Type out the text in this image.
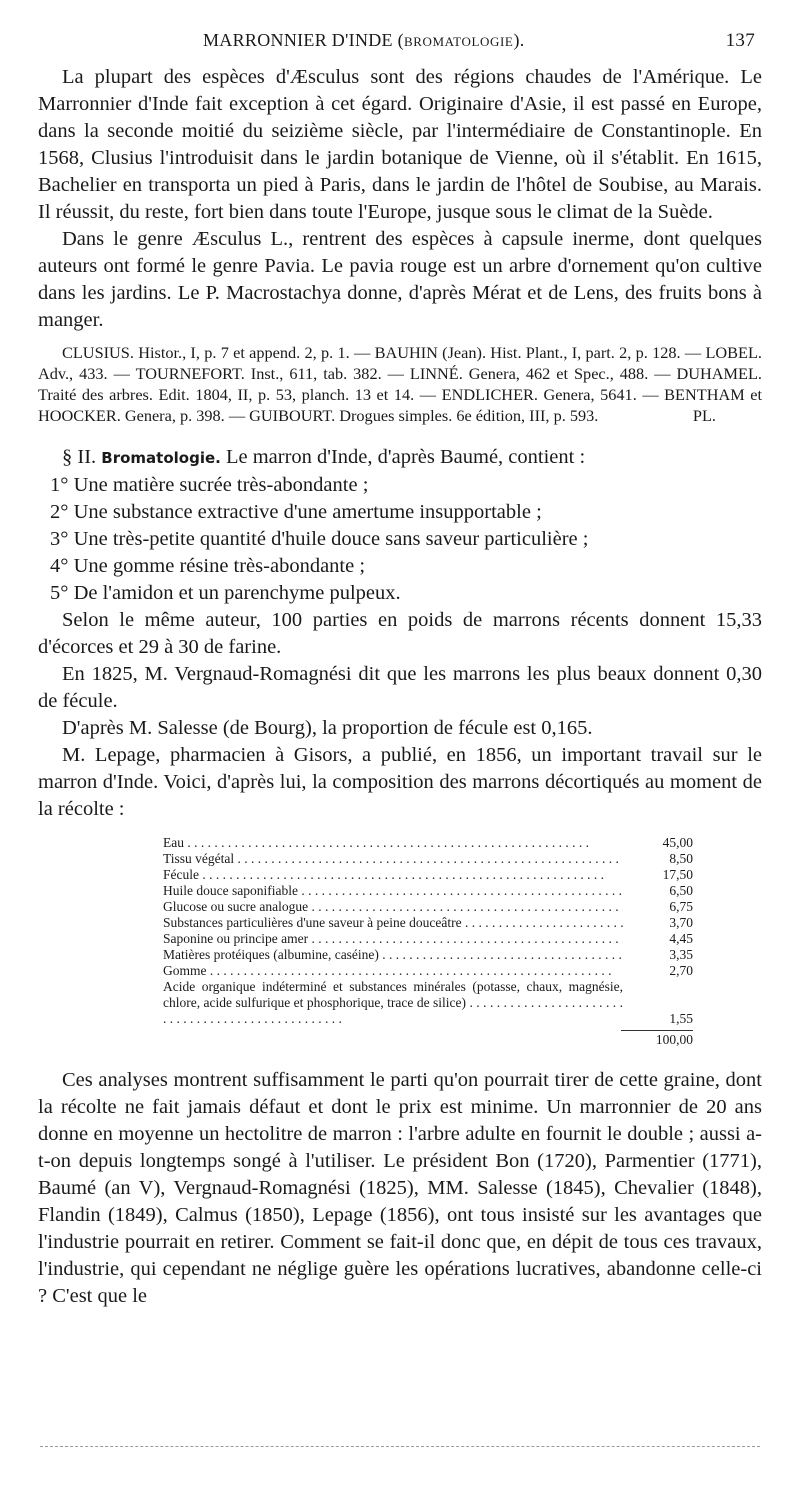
MARRONNIER D'INDE (BROMATOLOGIE).	137

La plupart des espèces d'Æsculus sont des régions chaudes de l'Amérique. Le Marronnier d'Inde fait exception à cet égard. Originaire d'Asie, il est passé en Europe, dans la seconde moitié du seizième siècle, par l'intermédiaire de Constantinople. En 1568, Clusius l'introduisit dans le jardin botanique de Vienne, où il s'établit. En 1615, Bachelier en transporta un pied à Paris, dans le jardin de l'hôtel de Soubise, au Marais. Il réussit, du reste, fort bien dans toute l'Europe, jusque sous le climat de la Suède.

Dans le genre Æsculus L., rentrent des espèces à capsule inerme, dont quelques auteurs ont formé le genre Pavia. Le pavia rouge est un arbre d'ornement qu'on cultive dans les jardins. Le P. Macrostachya donne, d'après Mérat et de Lens, des fruits bons à manger.

CLUSIUS. Histor., I, p. 7 et append. 2, p. 1. — BAUHIN (Jean). Hist. Plant., I, part. 2, p. 128. — LOBEL. Adv., 433. — TOURNEFORT. Inst., 611, tab. 382. — LINNÉ. Genera, 462 et Spec., 488. — DUHAMEL. Traité des arbres. Edit. 1804, II, p. 53, planch. 13 et 14. — ENDLICHER. Genera, 5641. — BENTHAM et HOOCKER. Genera, p. 398. — GUIBOURT. Drogues simples. 6e édition, III, p. 593.	PL.

§ II. Bromatologie. Le marron d'Inde, d'après Baumé, contient :

1° Une matière sucrée très-abondante ;
2° Une substance extractive d'une amertume insupportable ;
3° Une très-petite quantité d'huile douce sans saveur particulière ;
4° Une gomme résine très-abondante ;
5° De l'amidon et un parenchyme pulpeux.

Selon le même auteur, 100 parties en poids de marrons récents donnent 15,33 d'écorces et 29 à 30 de farine.

En 1825, M. Vergnaud-Romagnési dit que les marrons les plus beaux donnent 0,30 de fécule.

D'après M. Salesse (de Bourg), la proportion de fécule est 0,165.

M. Lepage, pharmacien à Gisors, a publié, en 1856, un important travail sur le marron d'Inde. Voici, d'après lui, la composition des marrons décortiqués au moment de la récolte :

Eau . . .	45,00
Tissu végétal . . .	8,50
Fécule . . .	17,50
Huile douce saponifiable . . .	6,50
Glucose ou sucre analogue . . .	6,75
Substances particulières d'une saveur à peine douceâtre . . .	3,70
Saponine ou principe amer . . .	4,45
Matières protéiques (albumine, caséine) . . .	3,35
Gomme . . .	2,70
Acide organique indéterminé et substances minérales (potasse, chaux, magnésie, chlore, acide sulfurique et phosphorique, trace de silice) . . .
1,55
100,00

Ces analyses montrent suffisamment le parti qu'on pourrait tirer de cette graine, dont la récolte ne fait jamais défaut et dont le prix est minime. Un marronnier de 20 ans donne en moyenne un hectolitre de marron : l'arbre adulte en fournit le double ; aussi a-t-on depuis longtemps songé à l'utiliser. Le président Bon (1720), Parmentier (1771), Baumé (an V), Vergnaud-Romagnési (1825), MM. Salesse (1845), Chevalier (1848), Flandin (1849), Calmus (1850), Lepage (1856), ont tous insisté sur les avantages que l'industrie pourrait en retirer. Comment se fait-il donc que, en dépit de tous ces travaux, l'industrie, qui cependant ne néglige guère les opérations lucratives, abandonne celle-ci ? C'est que le
